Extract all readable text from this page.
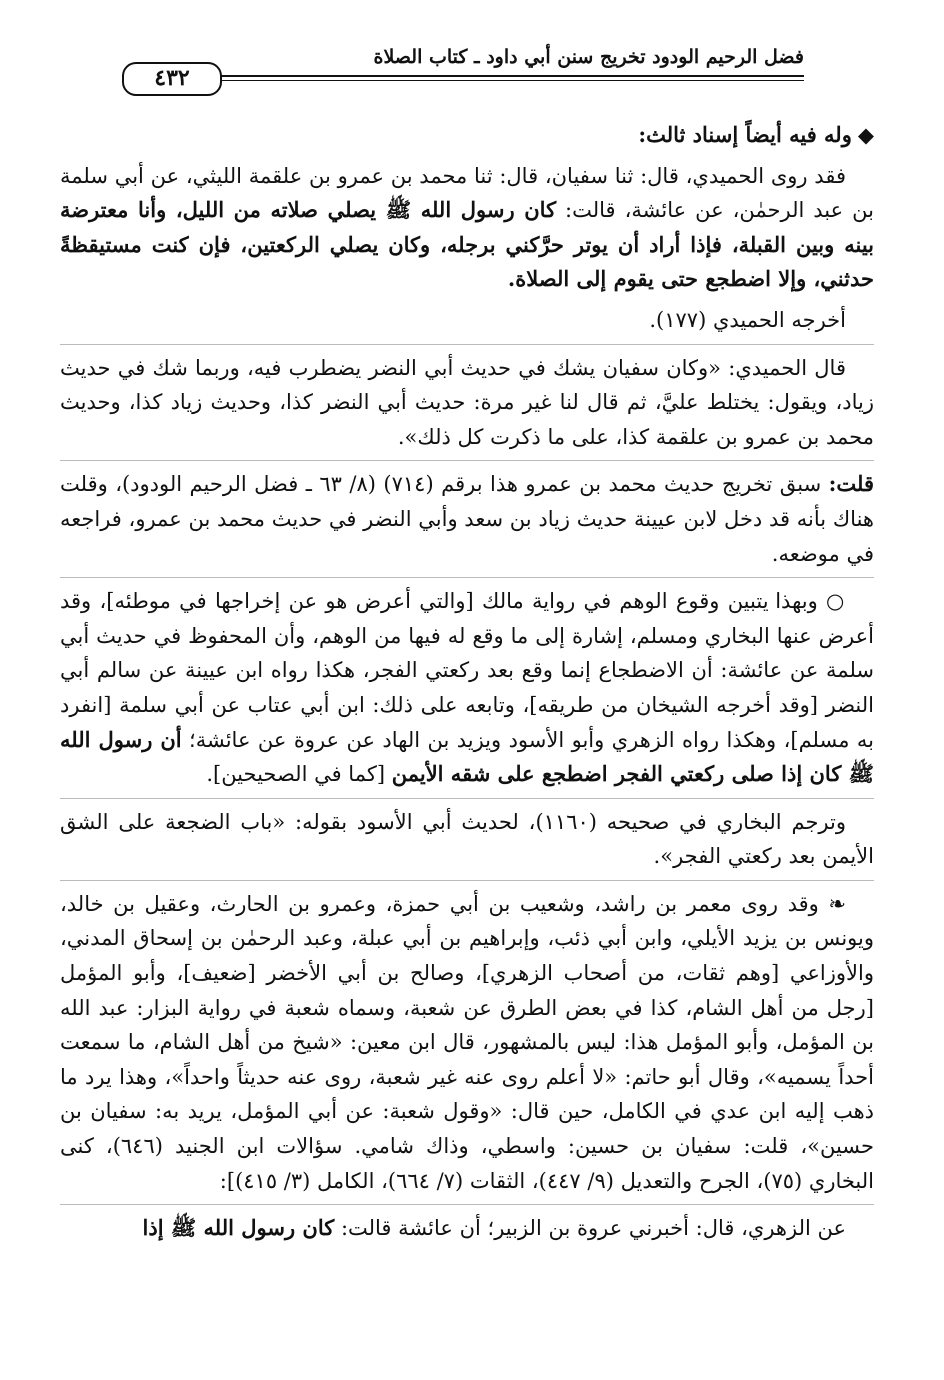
فضل الرحيم الودود تخريج سنن أبي داود ـ كتاب الصلاة
٤٣٢

◆وله فيه أيضاً إسناد ثالث:

فقد روى الحميدي، قال: ثنا سفيان، قال: ثنا محمد بن عمرو بن علقمة الليثي، عن أبي سلمة بن عبد الرحمٰن، عن عائشة، قالت: كان رسول الله ﷺ يصلي صلاته من الليل، وأنا معترضة بينه وبين القبلة، فإذا أراد أن يوتر حرَّكني برجله، وكان يصلي الركعتين، فإن كنت مستيقظةً حدثني، وإلا اضطجع حتى يقوم إلى الصلاة.

أخرجه الحميدي (١٧٧).

قال الحميدي: «وكان سفيان يشك في حديث أبي النضر يضطرب فيه، وربما شك في حديث زياد، ويقول: يختلط عليَّ، ثم قال لنا غير مرة: حديث أبي النضر كذا، وحديث زياد كذا، وحديث محمد بن عمرو بن علقمة كذا، على ما ذكرت كل ذلك».

قلت: سبق تخريج حديث محمد بن عمرو هذا برقم (٧١٤) (٨/ ٦٣ ـ فضل الرحيم الودود)، وقلت هناك بأنه قد دخل لابن عيينة حديث زياد بن سعد وأبي النضر في حديث محمد بن عمرو، فراجعه في موضعه.

○ وبهذا يتبين وقوع الوهم في رواية مالك [والتي أعرض هو عن إخراجها في موطئه]، وقد أعرض عنها البخاري ومسلم، إشارة إلى ما وقع له فيها من الوهم، وأن المحفوظ في حديث أبي سلمة عن عائشة: أن الاضطجاع إنما وقع بعد ركعتي الفجر، هكذا رواه ابن عيينة عن سالم أبي النضر [وقد أخرجه الشيخان من طريقه]، وتابعه على ذلك: ابن أبي عتاب عن أبي سلمة [انفرد به مسلم]، وهكذا رواه الزهري وأبو الأسود ويزيد بن الهاد عن عروة عن عائشة؛ أن رسول الله ﷺ كان إذا صلى ركعتي الفجر اضطجع على شقه الأيمن [كما في الصحيحين].

وترجم البخاري في صحيحه (١١٦٠)، لحديث أبي الأسود بقوله: «باب الضجعة على الشق الأيمن بعد ركعتي الفجر».

❧ وقد روى معمر بن راشد، وشعيب بن أبي حمزة، وعمرو بن الحارث، وعقيل بن خالد، ويونس بن يزيد الأيلي، وابن أبي ذئب، وإبراهيم بن أبي عبلة، وعبد الرحمٰن بن إسحاق المدني، والأوزاعي [وهم ثقات، من أصحاب الزهري]، وصالح بن أبي الأخضر [ضعيف]، وأبو المؤمل [رجل من أهل الشام، كذا في بعض الطرق عن شعبة، وسماه شعبة في رواية البزار: عبد الله بن المؤمل، وأبو المؤمل هذا: ليس بالمشهور، قال ابن معين: «شيخ من أهل الشام، ما سمعت أحداً يسميه»، وقال أبو حاتم: «لا أعلم روى عنه غير شعبة، روى عنه حديثاً واحداً»، وهذا يرد ما ذهب إليه ابن عدي في الكامل، حين قال: «وقول شعبة: عن أبي المؤمل، يريد به: سفيان بن حسين»، قلت: سفيان بن حسين: واسطي، وذاك شامي. سؤالات ابن الجنيد (٦٤٦)، كنى البخاري (٧٥)، الجرح والتعديل (٩/ ٤٤٧)، الثقات (٧/ ٦٦٤)، الكامل (٣/ ٤١٥)]:

عن الزهري، قال: أخبرني عروة بن الزبير؛ أن عائشة قالت: كان رسول الله ﷺ إذا
